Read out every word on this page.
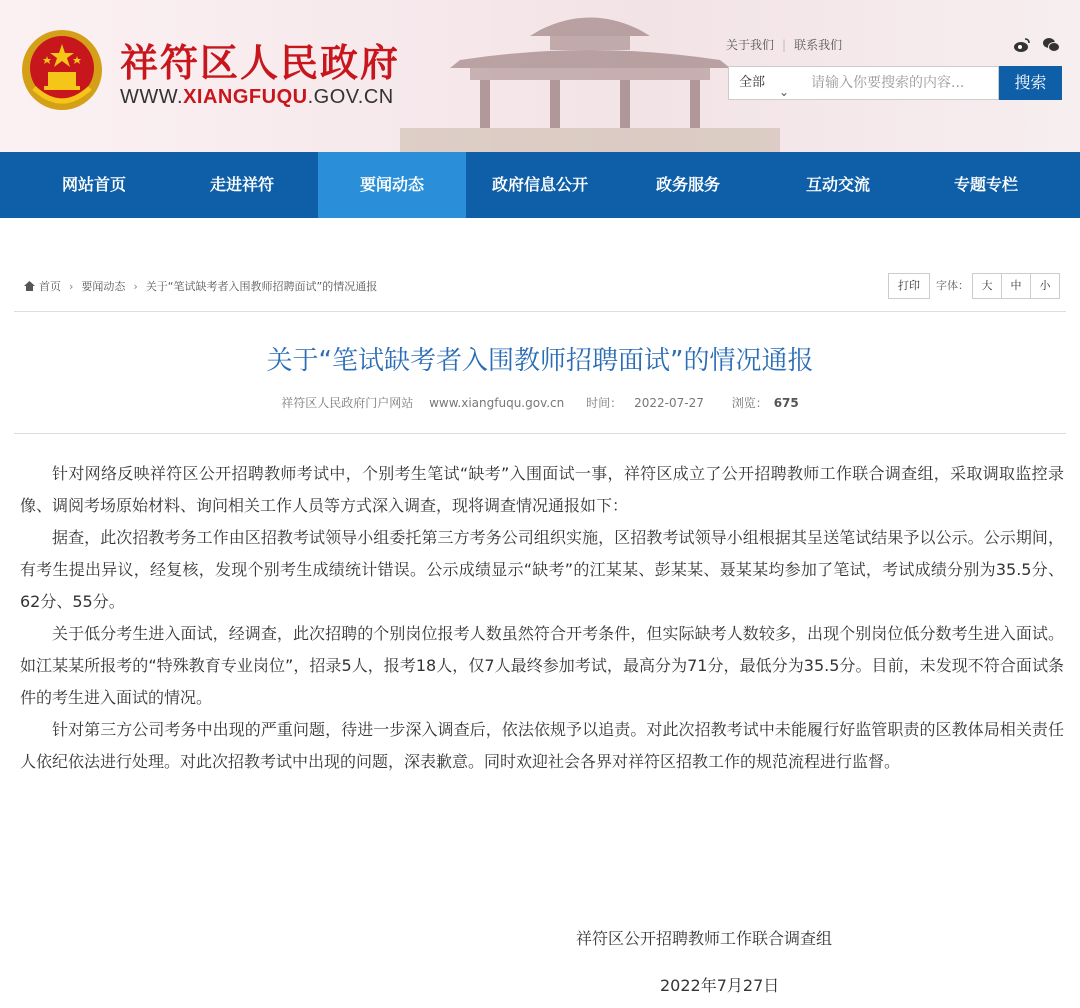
祥符区人民政府
WWW.XIANGFUQU.GOV.CN
关于我们 | 联系我们
全部
⌄
请输入你要搜索的内容...	搜索
网站首页	走进祥符	要闻动态	政府信息公开	政务服务	互动交流	专题专栏
首页 › 要闻动态 › 关于“笔试缺考者入围教师招聘面试”的情况通报	打印	字体：	大	中	小
关于“笔试缺考者入围教师招聘面试”的情况通报
祥符区人民政府门户网站 www.xiangfuqu.gov.cn 时间： 2022-07-27 浏览： 675

针对网络反映祥符区公开招聘教师考试中，个别考生笔试“缺考”入围面试一事，祥符区成立了公开招聘教师工作联合调查组，采取调取监控录像、调阅考场原始材料、询问相关工作人员等方式深入调查，现将调查情况通报如下：

据查，此次招教考务工作由区招教考试领导小组委托第三方考务公司组织实施，区招教考试领导小组根据其呈送笔试结果予以公示。公示期间，有考生提出异议，经复核，发现个别考生成绩统计错误。公示成绩显示“缺考”的江某某、彭某某、聂某某均参加了笔试，考试成绩分别为35.5分、62分、55分。

关于低分考生进入面试，经调查，此次招聘的个别岗位报考人数虽然符合开考条件，但实际缺考人数较多，出现个别岗位低分数考生进入面试。如江某某所报考的“特殊教育专业岗位”，招录5人，报考18人，仅7人最终参加考试，最高分为71分，最低分为35.5分。目前，未发现不符合面试条件的考生进入面试的情况。

针对第三方公司考务中出现的严重问题，待进一步深入调查后，依法依规予以追责。对此次招教考试中未能履行好监管职责的区教体局相关责任人依纪依法进行处理。对此次招教考试中出现的问题，深表歉意。同时欢迎社会各界对祥符区招教工作的规范流程进行监督。

祥符区公开招聘教师工作联合调查组
2022年7月27日
